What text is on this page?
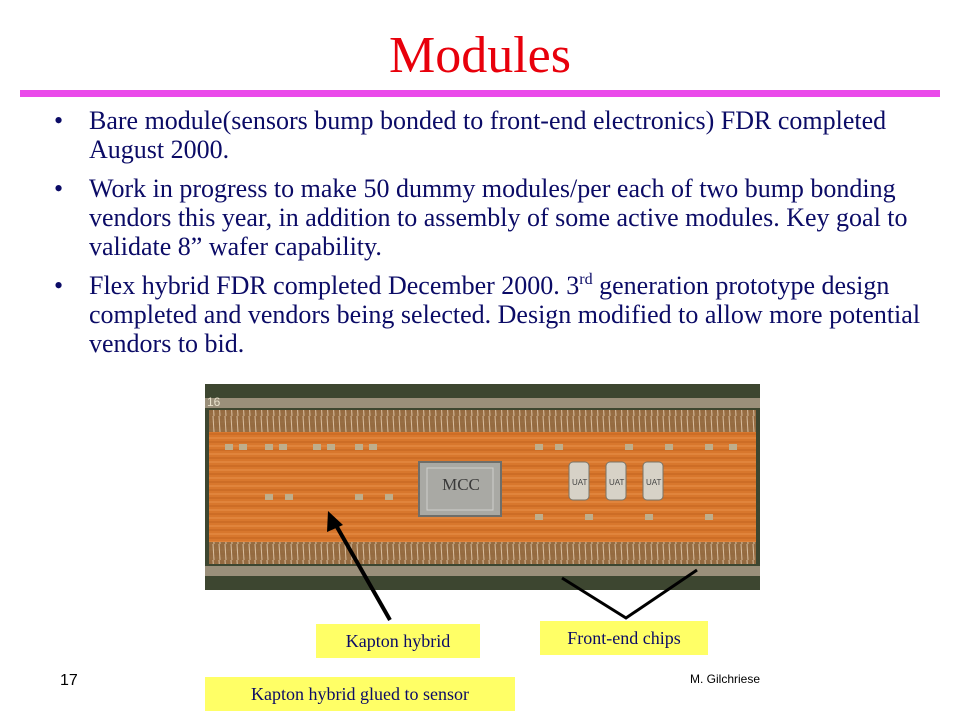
Modules
• Bare module(sensors bump bonded to front-end electronics) FDR completed August 2000.
• Work in progress to make 50 dummy modules/per each of two bump bonding vendors this year, in addition to assembly of some active modules. Key goal to validate 8” wafer capability.
• Flex hybrid FDR completed December 2000. 3rd generation prototype design completed and vendors being selected. Design modified to allow more potential vendors to bid.
UAT	UAT	UAT
16
MCC
Kapton hybrid	Front-end chips
Kapton hybrid glued to sensor
17	M. Gilchriese
